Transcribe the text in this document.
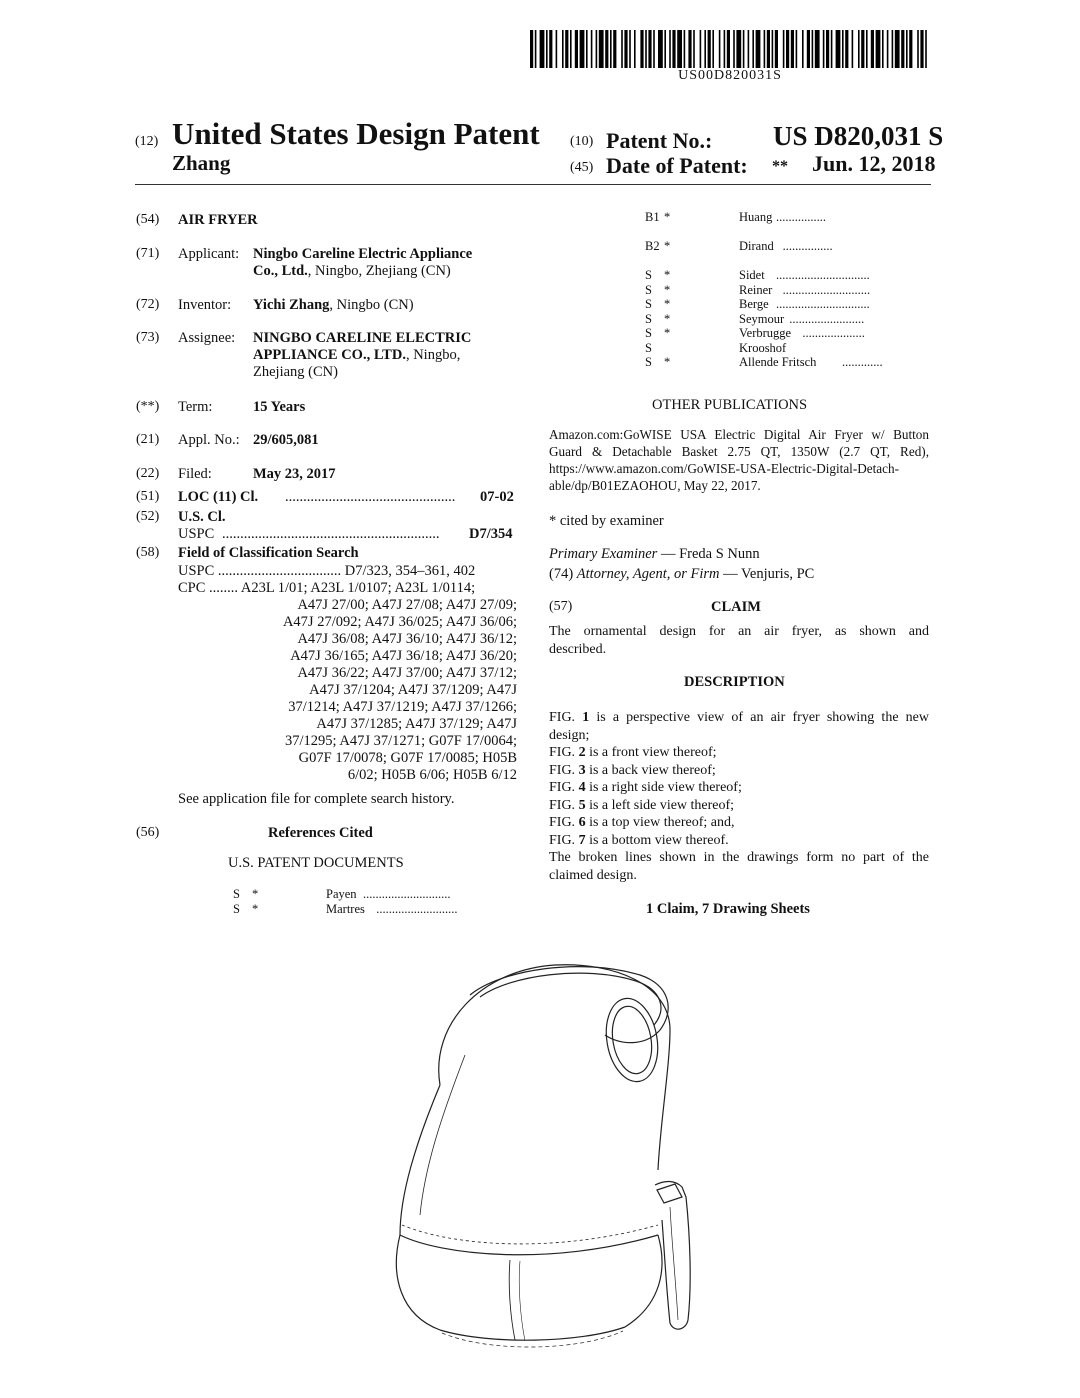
US00D820031S
(12) United States Design Patent
Zhang
(10) Patent No.: US D820,031 S
(45) Date of Patent: ** Jun. 12, 2018
(54) AIR FRYER
(71) Applicant: Ningbo Careline Electric Appliance
Co., Ltd., Ningbo, Zhejiang (CN)
(72) Inventor: Yichi Zhang, Ningbo (CN)
(73) Assignee: NINGBO CARELINE ELECTRIC
APPLIANCE CO., LTD., Ningbo,
Zhejiang (CN)
(**) Term:	15 Years
(21) Appl. No.: 29/605,081
(22) Filed:	May 23, 2017
(51) LOC (11) Cl. ............................................... 07-02
(52) U.S. Cl.
USPC ............................................................ D7/354
(58) Field of Classification Search
USPC .................................. D7/323, 354–361, 402
CPC ........ A23L 1/01; A23L 1/0107; A23L 1/0114;
A47J 27/00; A47J 27/08; A47J 27/09;
A47J 27/092; A47J 36/025; A47J 36/06;
A47J 36/08; A47J 36/10; A47J 36/12;
A47J 36/165; A47J 36/18; A47J 36/20;
A47J 36/22; A47J 37/00; A47J 37/12;
A47J 37/1204; A47J 37/1209; A47J
37/1214; A47J 37/1219; A47J 37/1266;
A47J 37/1285; A47J 37/129; A47J
37/1295; A47J 37/1271; G07F 17/0064;
G07F 17/0078; G07F 17/0085; H05B
6/02; H05B 6/06; H05B 6/12
See application file for complete search history.
(56)	References Cited
U.S. PATENT DOCUMENTS
S *	Payen ............................
S *	Martres ..........................
B1 *	Huang ................
B2 *	Dirand ................
S *	Sidet ..............................
S *	Reiner ............................
S *	Berge ..............................
S *	Seymour ........................
S *	Verbrugge ....................
S	Krooshof
S *	Allende Fritsch .............
OTHER PUBLICATIONS
Amazon.com:GoWISE USA Electric Digital Air Fryer w/ Button
Guard & Detachable Basket 2.75 QT, 1350W (2.7 QT, Red),
https://www.amazon.com/GoWISE-USA-Electric-Digital-Detach-
able/dp/B01EZAOHOU, May 22, 2017.
* cited by examiner
Primary Examiner — Freda S Nunn
(74) Attorney, Agent, or Firm — Venjuris, PC
(57)	CLAIM
The ornamental design for an air fryer, as shown and
described.
DESCRIPTION
FIG. 1 is a perspective view of an air fryer showing the new
design;
FIG. 2 is a front view thereof;
FIG. 3 is a back view thereof;
FIG. 4 is a right side view thereof;
FIG. 5 is a left side view thereof;
FIG. 6 is a top view thereof; and,
FIG. 7 is a bottom view thereof.
The broken lines shown in the drawings form no part of the
claimed design.
1 Claim, 7 Drawing Sheets
